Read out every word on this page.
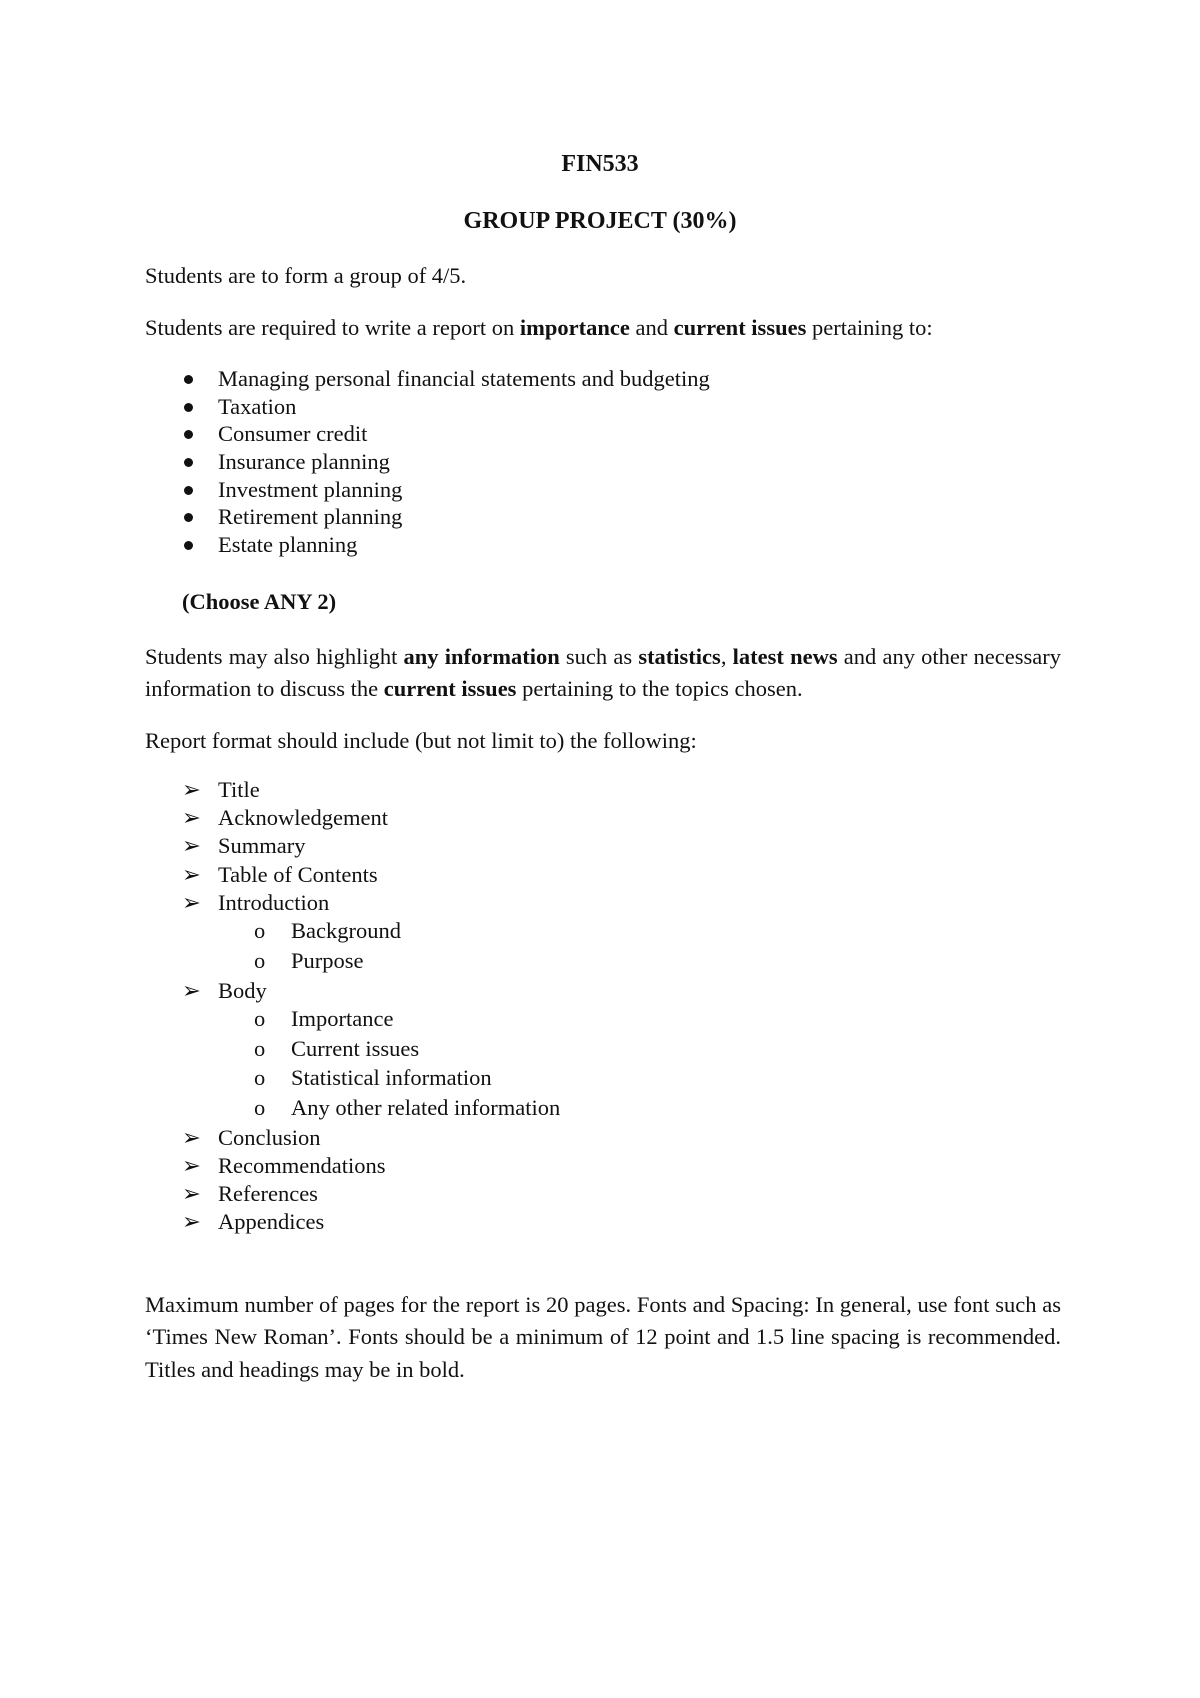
FIN533
GROUP PROJECT (30%)

Students are to form a group of 4/5.

Students are required to write a report on importance and current issues pertaining to:

Managing personal financial statements and budgeting
Taxation
Consumer credit
Insurance planning
Investment planning
Retirement planning
Estate planning

(Choose ANY 2)

Students may also highlight any information such as statistics, latest news and any other necessary information to discuss the current issues pertaining to the topics chosen.

Report format should include (but not limit to) the following:

➢ Title
➢ Acknowledgement
➢ Summary
➢ Table of Contents
➢ Introduction
o	Background
o	Purpose
➢ Body
o	Importance
o	Current issues
o	Statistical information
o	Any other related information
➢ Conclusion
➢ Recommendations
➢ References
➢ Appendices

Maximum number of pages for the report is 20 pages. Fonts and Spacing: In general, use font such as ‘Times New Roman’. Fonts should be a minimum of 12 point and 1.5 line spacing is recommended. Titles and headings may be in bold.
